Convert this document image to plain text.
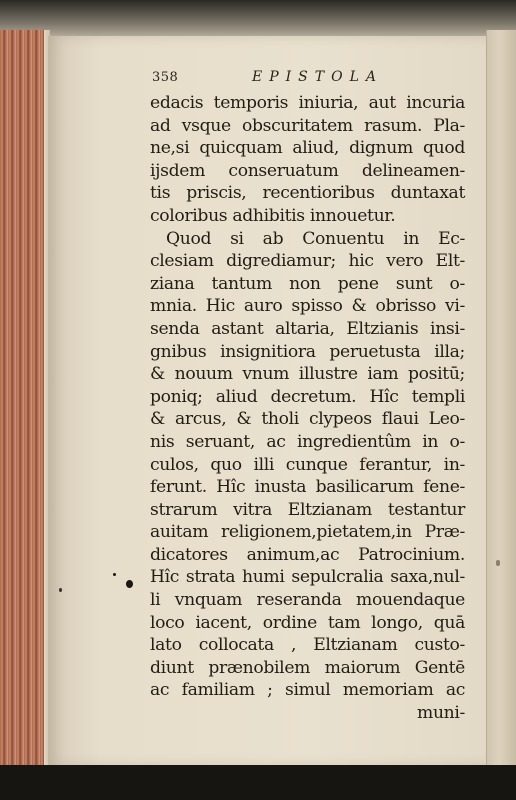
358	EPISTOLA
edacis temporis iniuria, aut incuria
ad vsque obscuritatem rasum. Pla-
ne,si quicquam aliud, dignum quod
ijsdem conseruatum delineamen-
tis priscis, recentioribus duntaxat
coloribus adhibitis innouetur.
Quod si ab Conuentu in Ec-
clesiam digrediamur; hic vero Elt-
ziana tantum non pene sunt o-
mnia. Hic auro spisso & obrisso vi-
senda astant altaria, Eltzianis insi-
gnibus insignitiora peruetusta illa;
& nouum vnum illustre iam positū;
poniq; aliud decretum. Hîc templi
& arcus, & tholi clypeos flaui Leo-
nis seruant, ac ingredientûm in o-
culos, quo illi cunque ferantur, in-
ferunt. Hîc inusta basilicarum fene-
strarum vitra Eltzianam testantur
auitam religionem,pietatem,in Præ-
dicatores animum,ac Patrocinium.
Hîc strata humi sepulcralia saxa,nul-
li vnquam reseranda mouendaque
loco iacent, ordine tam longo, quā
lato collocata , Eltzianam custo-
diunt prænobilem maiorum Gentē
ac familiam ; simul memoriam ac
muni-
